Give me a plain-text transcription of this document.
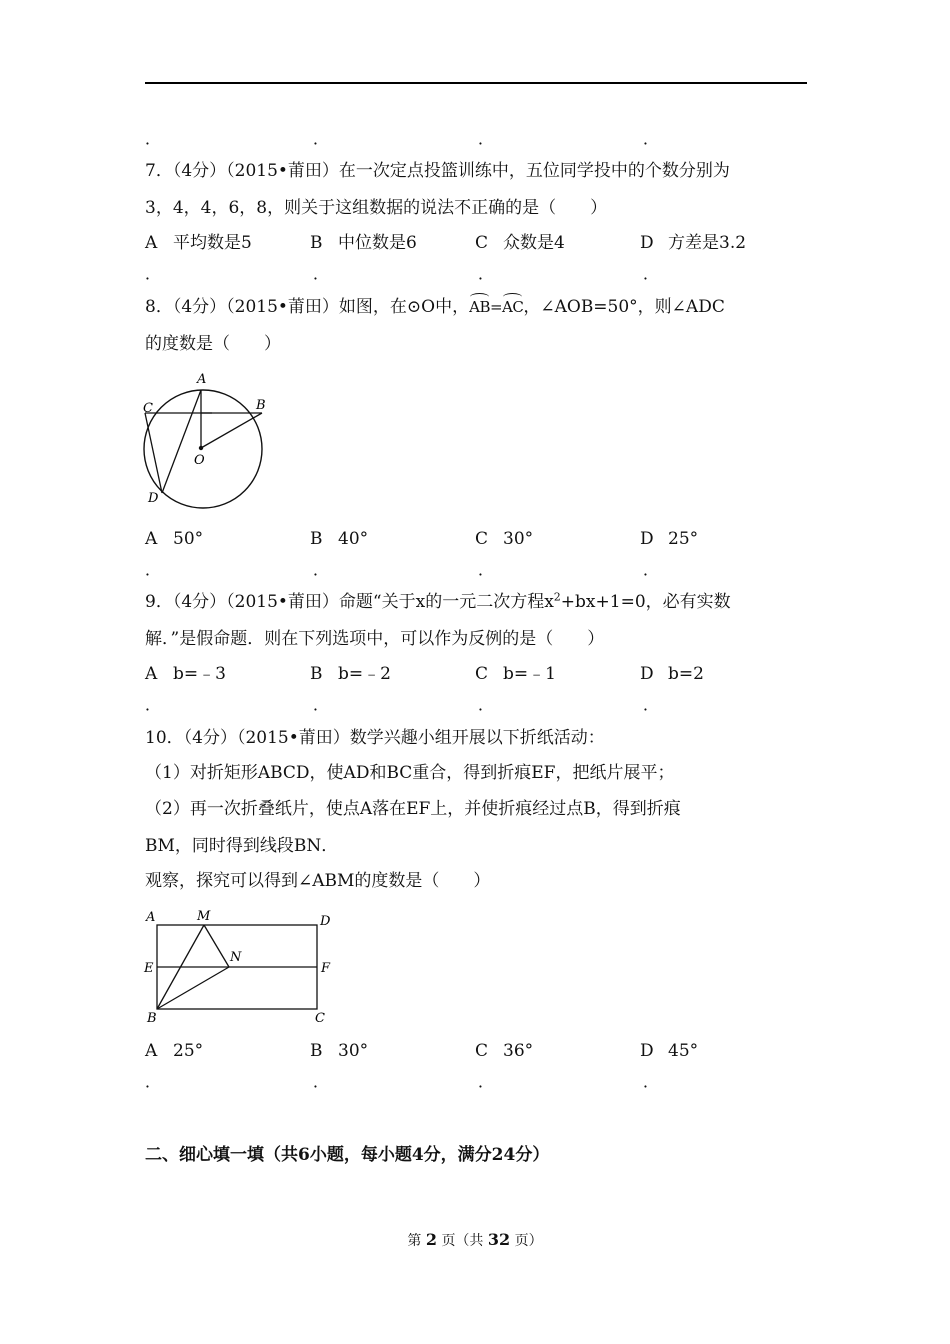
．	．	．	．
7．（4分）（2015•莆田）在一次定点投篮训练中，五位同学投中的个数分别为
3，4，4，6，8，则关于这组数据的说法不正确的是（　　）
A 平均数是5	B 中位数是6	C 众数是4	D 方差是3.2
．	．	．	．
8．（4分）（2015•莆田）如图，在⊙O中，AB=AC，∠AOB=50°，则∠ADC
的度数是（　　）
A
B
C
D
O
A 50°	B 40°	C 30°	D 25°
．	．	．	．
9．（4分）（2015•莆田）命题“关于x的一元二次方程$x^2+bx+1=0$，必有实数
解．”是假命题．则在下列选项中，可以作为反例的是（　　）
A b=﹣3	B b=﹣2	C b=﹣1	D b=2
．	．	．	．
10．（4分）（2015•莆田）数学兴趣小组开展以下折纸活动：
（1）对折矩形ABCD，使AD和BC重合，得到折痕EF，把纸片展平；
（2）再一次折叠纸片，使点A落在EF上，并使折痕经过点B，得到折痕
BM，同时得到线段BN．
观察，探究可以得到∠ABM的度数是（　　）
A	M	D
E
N
F
B	C
A 25°	B 30°	C 36°	D 45°
．	．	．	．
二、细心填一填（共6小题，每小题4分，满分24分）
第 2 页（共 32 页）
